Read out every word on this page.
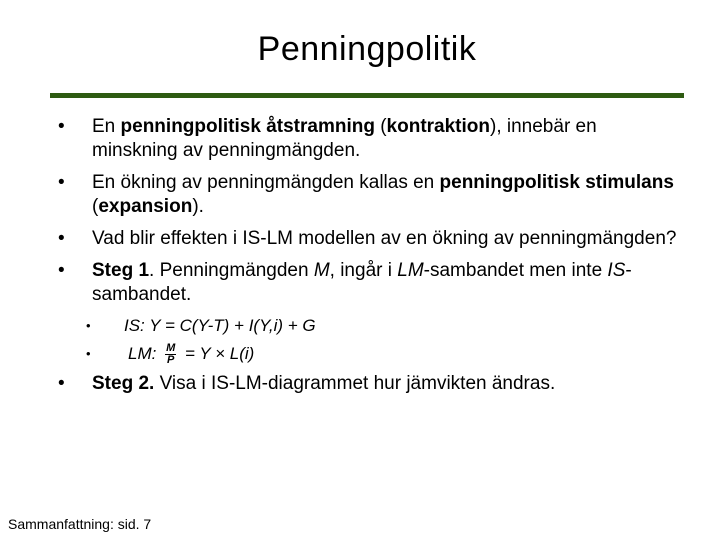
Penningpolitik
• En penningpolitisk åtstramning (kontraktion), innebär en minskning av penningmängden.
• En ökning av penningmängden kallas en penningpolitisk stimulans (expansion).
• Vad blir effekten i IS-LM modellen av en ökning av penningmängden?
• Steg 1. Penningmängden M, ingår i LM-sambandet men inte IS-sambandet.
• IS: Y = C(Y-T) + I(Y,i) + G
• LM: $\frac{M}{P} = Y \times L(i)$
• Steg 2. Visa i IS-LM-diagrammet hur jämvikten ändras.
Sammanfattning: sid. 7
